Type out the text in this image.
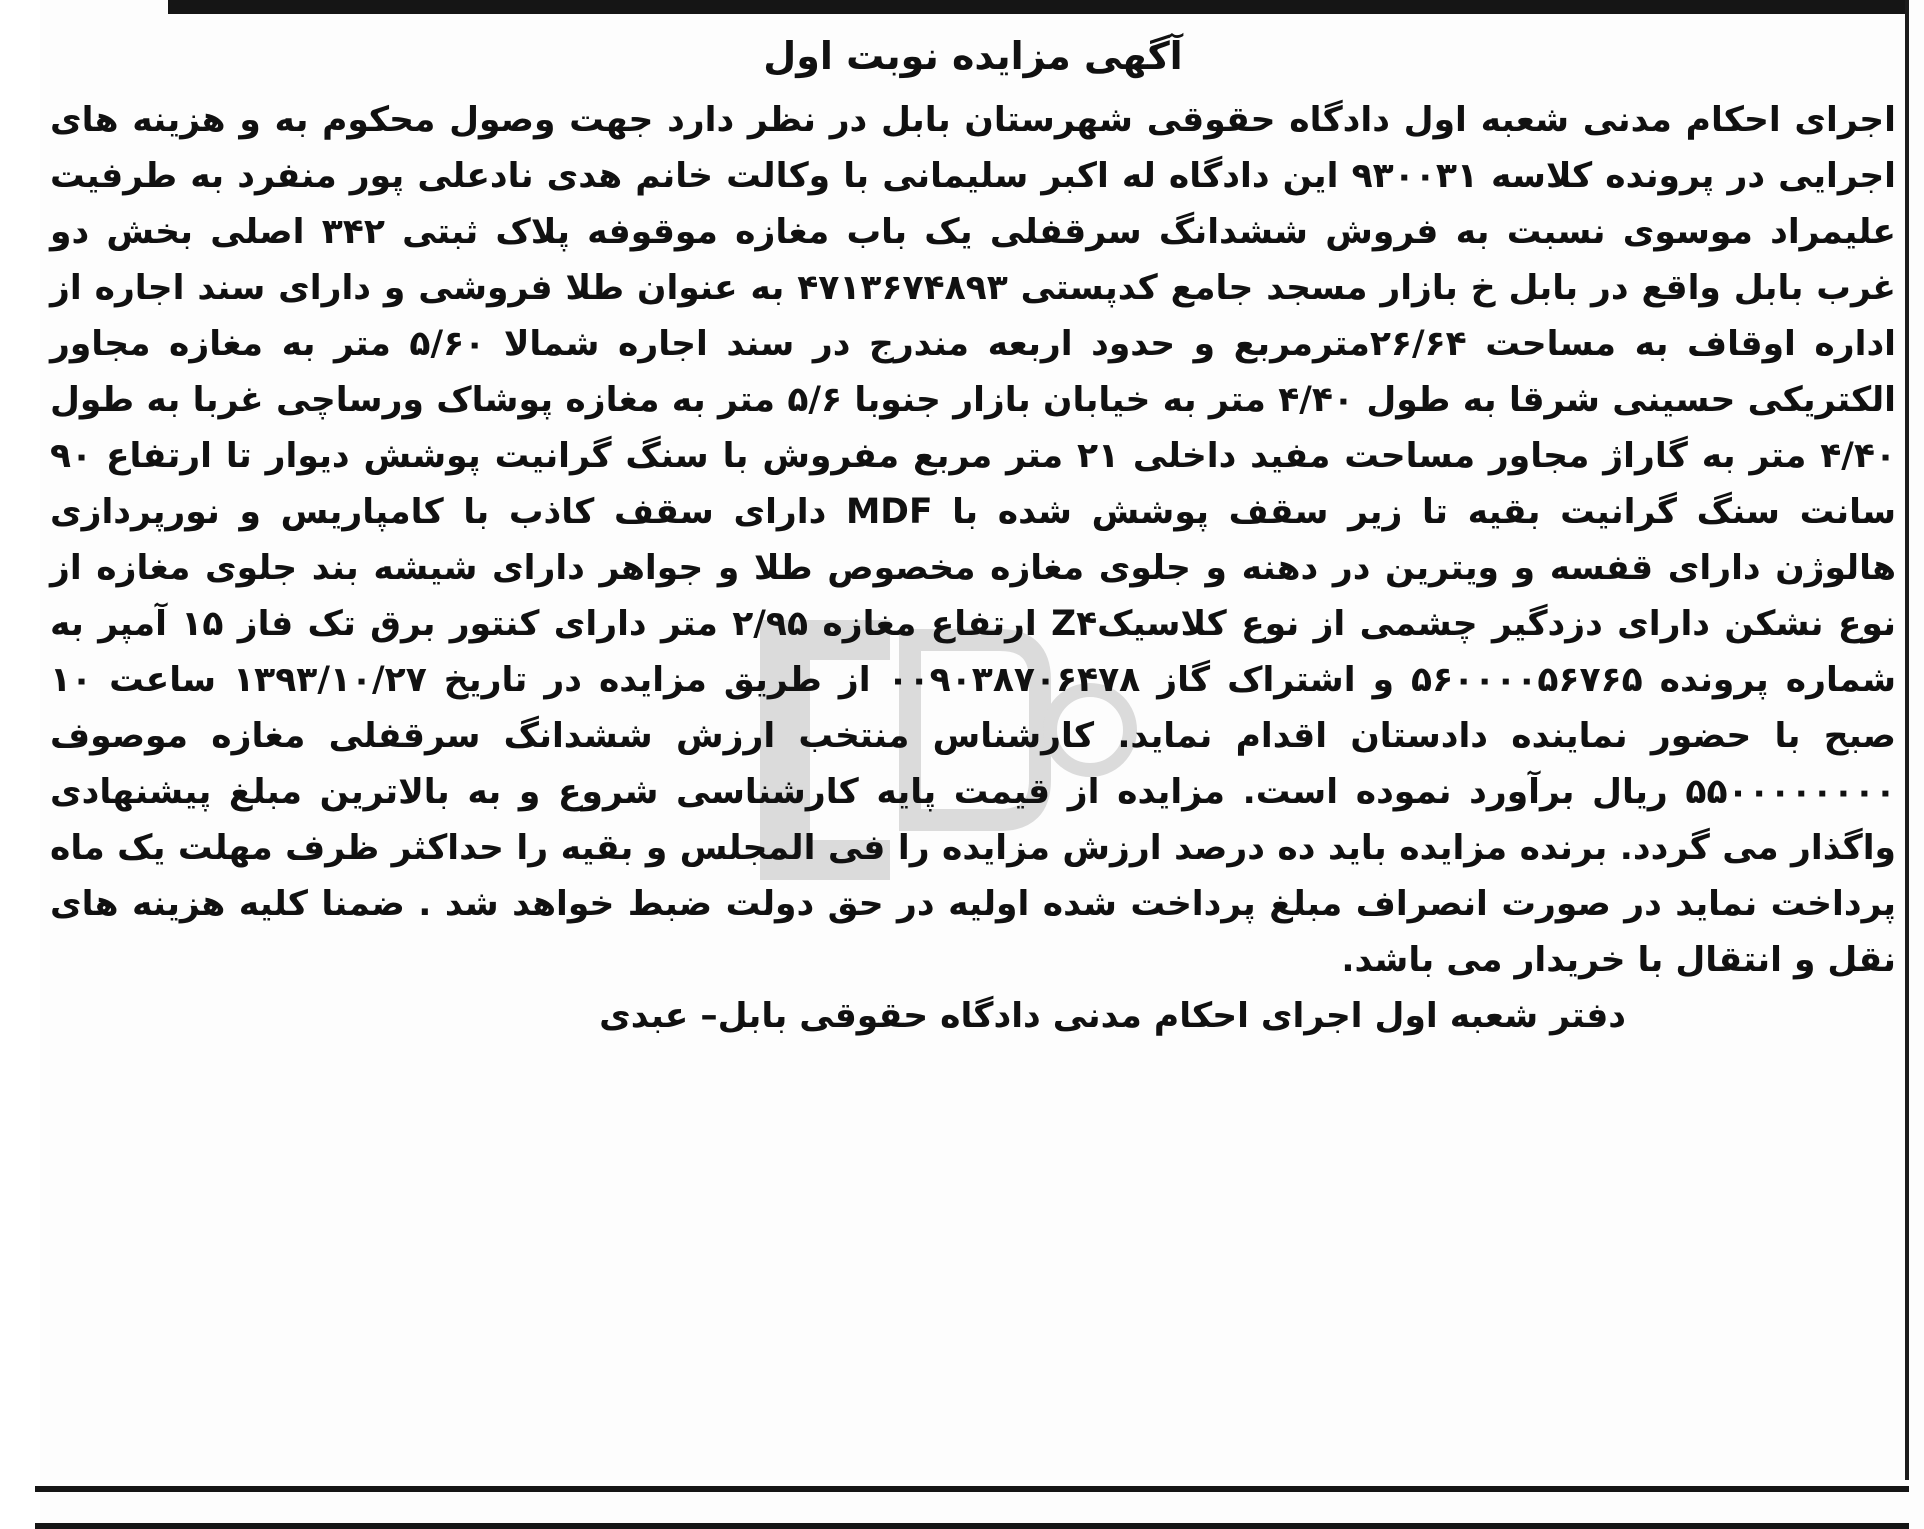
آگهی مزایده نوبت اول

اجرای احکام مدنی شعبه اول دادگاه حقوقی شهرستان بابل در نظر دارد جهت وصول محکوم به و هزینه های اجرایی در پرونده کلاسه ۹۳۰۰۳۱ این دادگاه له اکبر سلیمانی با وکالت خانم هدی نادعلی پور منفرد به طرفیت علیمراد موسوی نسبت به فروش ششدانگ سرقفلی یک باب مغازه موقوفه پلاک ثبتی ۳۴۲ اصلی بخش دو غرب بابل واقع در بابل خ بازار مسجد جامع کدپستی ۴۷۱۳۶۷۴۸۹۳ به عنوان طلا فروشی و دارای سند اجاره از اداره اوقاف به مساحت ۲۶/۶۴مترمربع و حدود اربعه مندرج در سند اجاره شمالا ۵/۶۰ متر به مغازه مجاور الکتریکی حسینی شرقا به طول ۴/۴۰ متر به خیابان بازار جنوبا ۵/۶ متر به مغازه پوشاک ورساچی غربا به طول ۴/۴۰ متر به گاراژ مجاور مساحت مفید داخلی ۲۱ متر مربع مفروش با سنگ گرانیت پوشش دیوار تا ارتفاع ۹۰ سانت سنگ گرانیت بقیه تا زیر سقف پوشش شده با MDF دارای سقف کاذب با کامپاریس و نورپردازی هالوژن دارای قفسه و ویترین در دهنه و جلوی مغازه مخصوص طلا و جواهر دارای شیشه بند جلوی مغازه از نوع نشکن دارای دزدگیر چشمی از نوع کلاسیکZ۴ ارتفاع مغازه ۲/۹۵ متر دارای کنتور برق تک فاز ۱۵ آمپر به شماره پرونده ۵۶۰۰۰۰۵۶۷۶۵ و اشتراک گاز ۰۰۹۰۳۸۷۰۶۴۷۸ از طریق مزایده در تاریخ ۱۳۹۳/۱۰/۲۷ ساعت ۱۰ صبح با حضور نماینده دادستان اقدام نماید. کارشناس منتخب ارزش ششدانگ سرقفلی مغازه موصوف ۵۵۰۰۰۰۰۰۰۰ ریال برآورد نموده است. مزایده از قیمت پایه کارشناسی شروع و به بالاترین مبلغ پیشنهادی واگذار می گردد. برنده مزایده باید ده درصد ارزش مزایده را فی المجلس و بقیه را حداکثر ظرف مهلت یک ماه پرداخت نماید در صورت انصراف مبلغ پرداخت شده اولیه در حق دولت ضبط خواهد شد . ضمنا کلیه هزینه های نقل و انتقال با خریدار می باشد.

دفتر شعبه اول اجرای احکام مدنی دادگاه حقوقی بابل– عبدی
